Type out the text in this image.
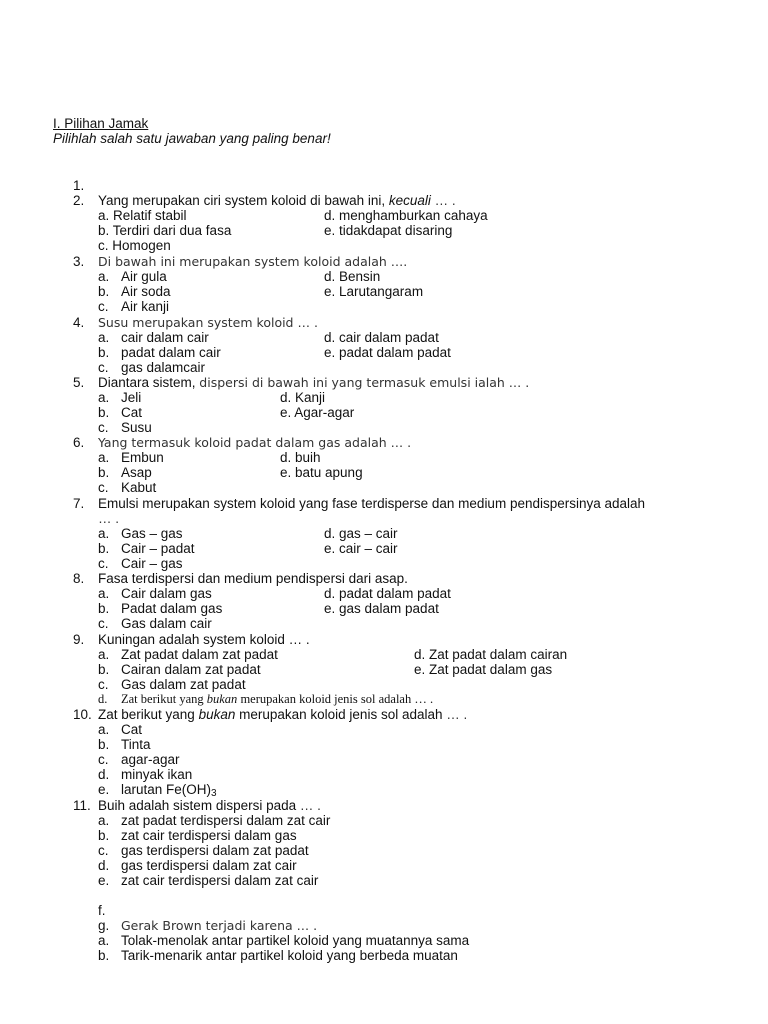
I. Pilihan Jamak
Pilihlah salah satu jawaban yang paling benar!
1.
2. Yang merupakan ciri system koloid di bawah ini, kecuali … .
a. Relatif stabil	d. menghamburkan cahaya
b. Terdiri dari dua fasa	e. tidakdapat disaring
c. Homogen
3. Di bawah ini merupakan system koloid adalah ….
a. Air gula	d. Bensin
b. Air soda	e. Larutangaram
c. Air kanji
4. Susu merupakan system koloid … .
a. cair dalam cair	d. cair dalam padat
b. padat dalam cair	e. padat dalam padat
c. gas dalamcair
5. Diantara sistem, dispersi di bawah ini yang termasuk emulsi ialah … .
a. Jeli	d. Kanji
b. Cat	e. Agar-agar
c. Susu
6. Yang termasuk koloid padat dalam gas adalah … .
a. Embun	d. buih
b. Asap	e. batu apung
c. Kabut
7. Emulsi merupakan system koloid yang fase terdisperse dan medium pendispersinya adalah
… .
a. Gas – gas	d. gas – cair
b. Cair – padat	e. cair – cair
c. Cair – gas
8. Fasa terdispersi dan medium pendispersi dari asap.
a. Cair dalam gas	d. padat dalam padat
b. Padat dalam gas	e. gas dalam padat
c. Gas dalam cair
9. Kuningan adalah system koloid … .
a. Zat padat dalam zat padat	d. Zat padat dalam cairan
b. Cairan dalam zat padat	e. Zat padat dalam gas
c. Gas dalam zat padat
d. Zat berikut yang bukan merupakan koloid jenis sol adalah … .
10. Zat berikut yang bukan merupakan koloid jenis sol adalah … .
a. Cat
b. Tinta
c. agar-agar
d. minyak ikan
e. larutan $Fe(OH)_3$
11. Buih adalah sistem dispersi pada … .
a. zat padat terdispersi dalam zat cair
b. zat cair terdispersi dalam gas
c. gas terdispersi dalam zat padat
d. gas terdispersi dalam zat cair
e. zat cair terdispersi dalam zat cair
f.
g. Gerak Brown terjadi karena … .
a. Tolak-menolak antar partikel koloid yang muatannya sama
b. Tarik-menarik antar partikel koloid yang berbeda muatan
